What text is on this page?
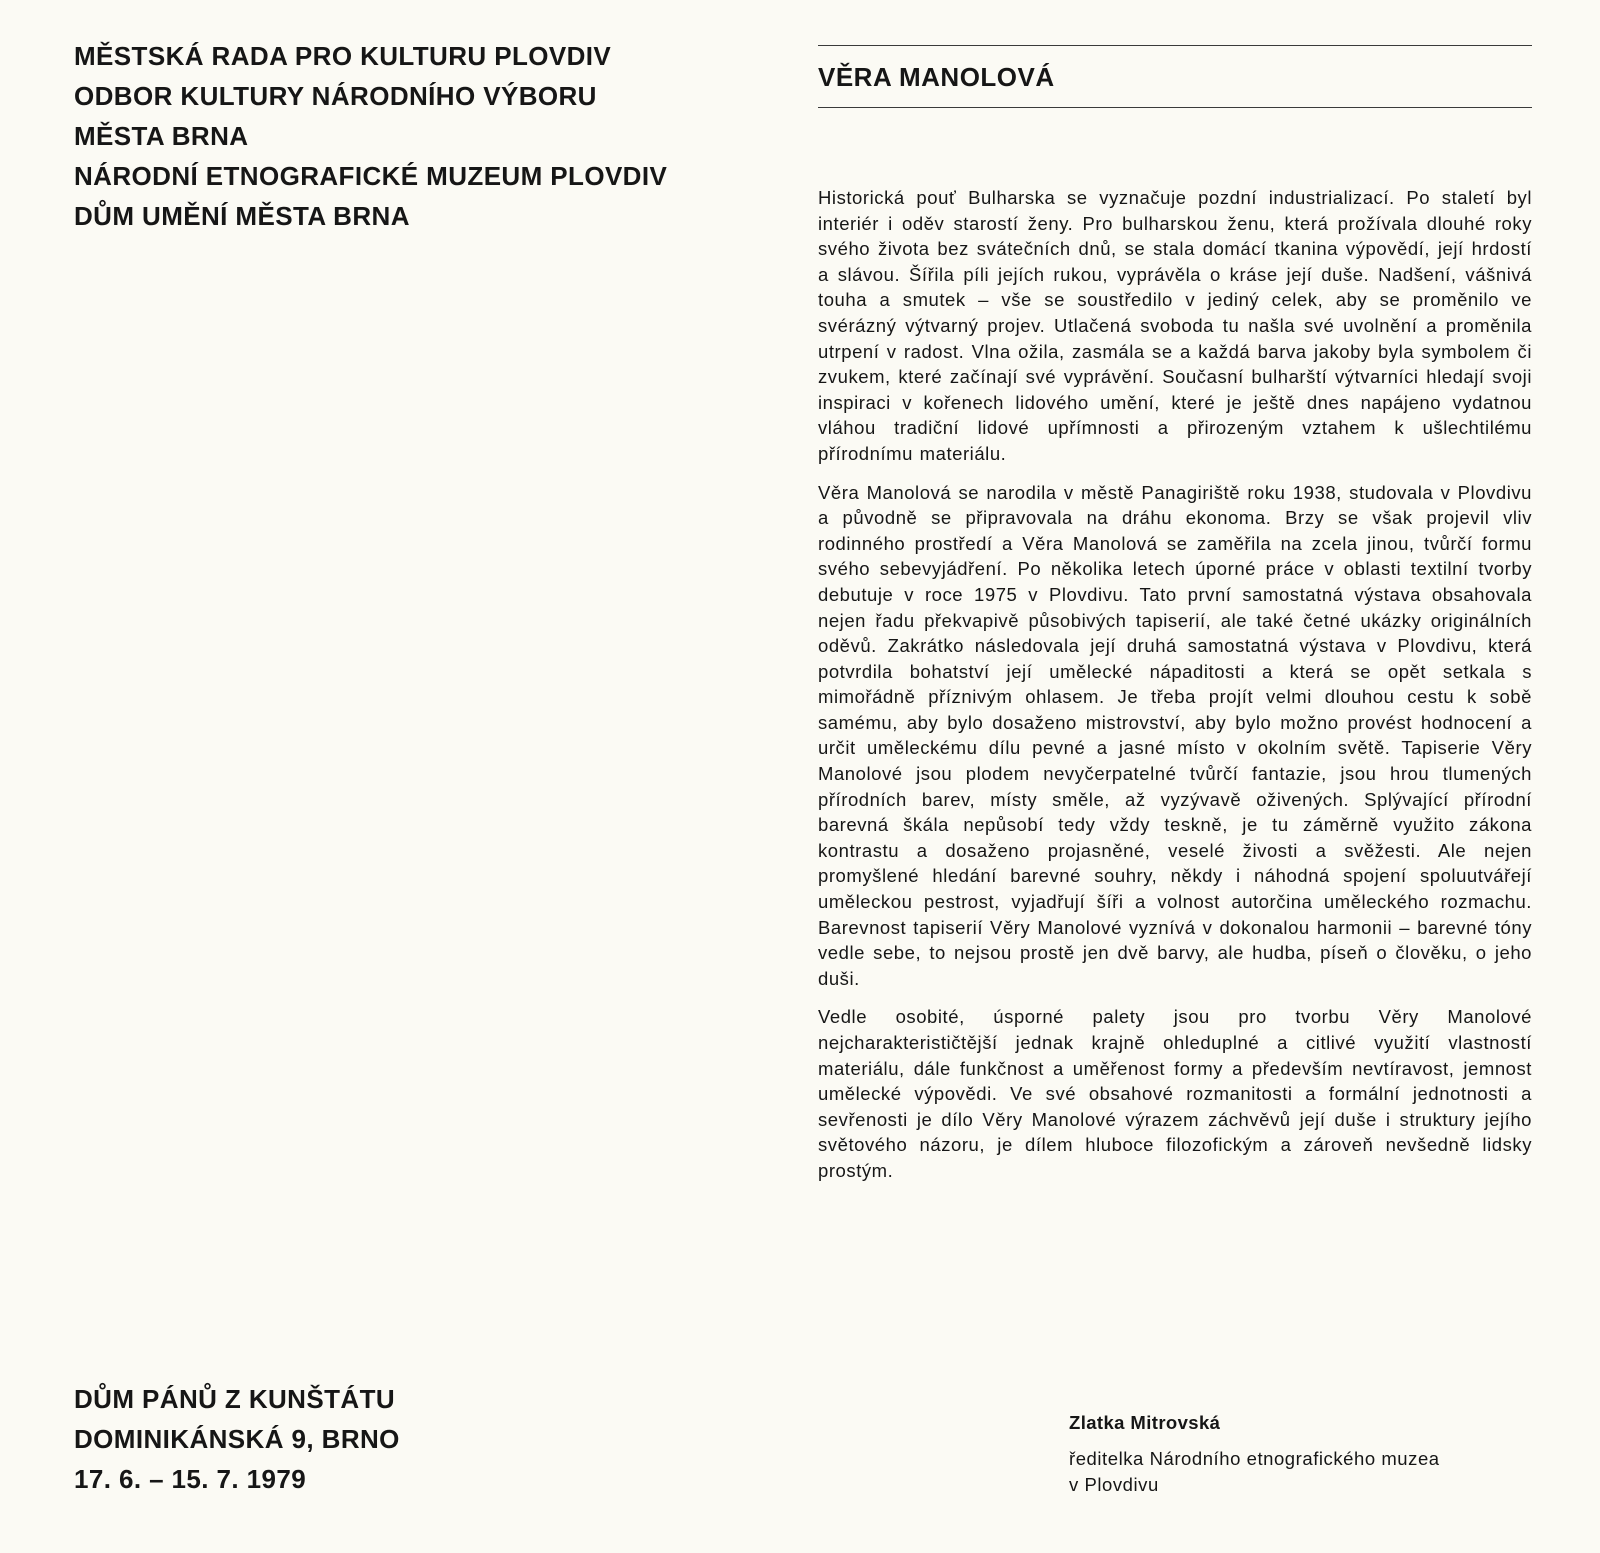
MĚSTSKÁ RADA PRO KULTURU PLOVDIV
ODBOR KULTURY NÁRODNÍHO VÝBORU
MĚSTA BRNA
NÁRODNÍ ETNOGRAFICKÉ MUZEUM PLOVDIV
DŮM UMĚNÍ MĚSTA BRNA
DŮM PÁNŮ Z KUNŠTÁTU
DOMINIKÁNSKÁ 9, BRNO
17. 6. – 15. 7. 1979
VĚRA MANOLOVÁ

Historická pouť Bulharska se vyznačuje pozdní industrializací. Po staletí byl interiér i oděv starostí ženy. Pro bulharskou ženu, která prožívala dlouhé roky svého života bez svátečních dnů, se stala domácí tkanina výpovědí, její hrdostí a slávou. Šířila píli jejích rukou, vyprávěla o kráse její duše. Nadšení, vášnivá touha a smutek – vše se soustředilo v jediný celek, aby se proměnilo ve svérázný výtvarný projev. Utlačená svoboda tu našla své uvolnění a proměnila utrpení v radost. Vlna ožila, zasmála se a každá barva jakoby byla symbolem či zvukem, které začínají své vyprávění. Současní bulharští výtvarníci hledají svoji inspiraci v kořenech lidového umění, které je ještě dnes napájeno vydatnou vláhou tradiční lidové upřímnosti a přirozeným vztahem k ušlechtilému přírodnímu materiálu.

Věra Manolová se narodila v městě Panagiriště roku 1938, studovala v Plovdivu a původně se připravovala na dráhu ekonoma. Brzy se však projevil vliv rodinného prostředí a Věra Manolová se zaměřila na zcela jinou, tvůrčí formu svého sebevyjádření. Po několika letech úporné práce v oblasti textilní tvorby debutuje v roce 1975 v Plovdivu. Tato první samostatná výstava obsahovala nejen řadu překvapivě působivých tapiserií, ale také četné ukázky originálních oděvů. Zakrátko následovala její druhá samostatná výstava v Plovdivu, která potvrdila bohatství její umělecké nápaditosti a která se opět setkala s mimořádně příznivým ohlasem. Je třeba projít velmi dlouhou cestu k sobě samému, aby bylo dosaženo mistrovství, aby bylo možno provést hodnocení a určit uměleckému dílu pevné a jasné místo v okolním světě. Tapiserie Věry Manolové jsou plodem nevyčerpatelné tvůrčí fantazie, jsou hrou tlumených přírodních barev, místy směle, až vyzývavě oživených. Splývající přírodní barevná škála nepůsobí tedy vždy teskně, je tu záměrně využito zákona kontrastu a dosaženo projasněné, veselé živosti a svěžesti. Ale nejen promyšlené hledání barevné souhry, někdy i náhodná spojení spoluutvářejí uměleckou pestrost, vyjadřují šíři a volnost autorčina uměleckého rozmachu. Barevnost tapiserií Věry Manolové vyznívá v dokonalou harmonii – barevné tóny vedle sebe, to nejsou prostě jen dvě barvy, ale hudba, píseň o člověku, o jeho duši.

Vedle osobité, úsporné palety jsou pro tvorbu Věry Manolové nejcharakterističtější jednak krajně ohleduplné a citlivé využití vlastností materiálu, dále funkčnost a uměřenost formy a především nevtíravost, jemnost umělecké výpovědi. Ve své obsahové rozmanitosti a formální jednotnosti a sevřenosti je dílo Věry Manolové výrazem záchvěvů její duše i struktury jejího světového názoru, je dílem hluboce filozofickým a zároveň nevšedně lidsky prostým.

Zlatka Mitrovská
ředitelka Národního etnografického muzea
v Plovdivu
